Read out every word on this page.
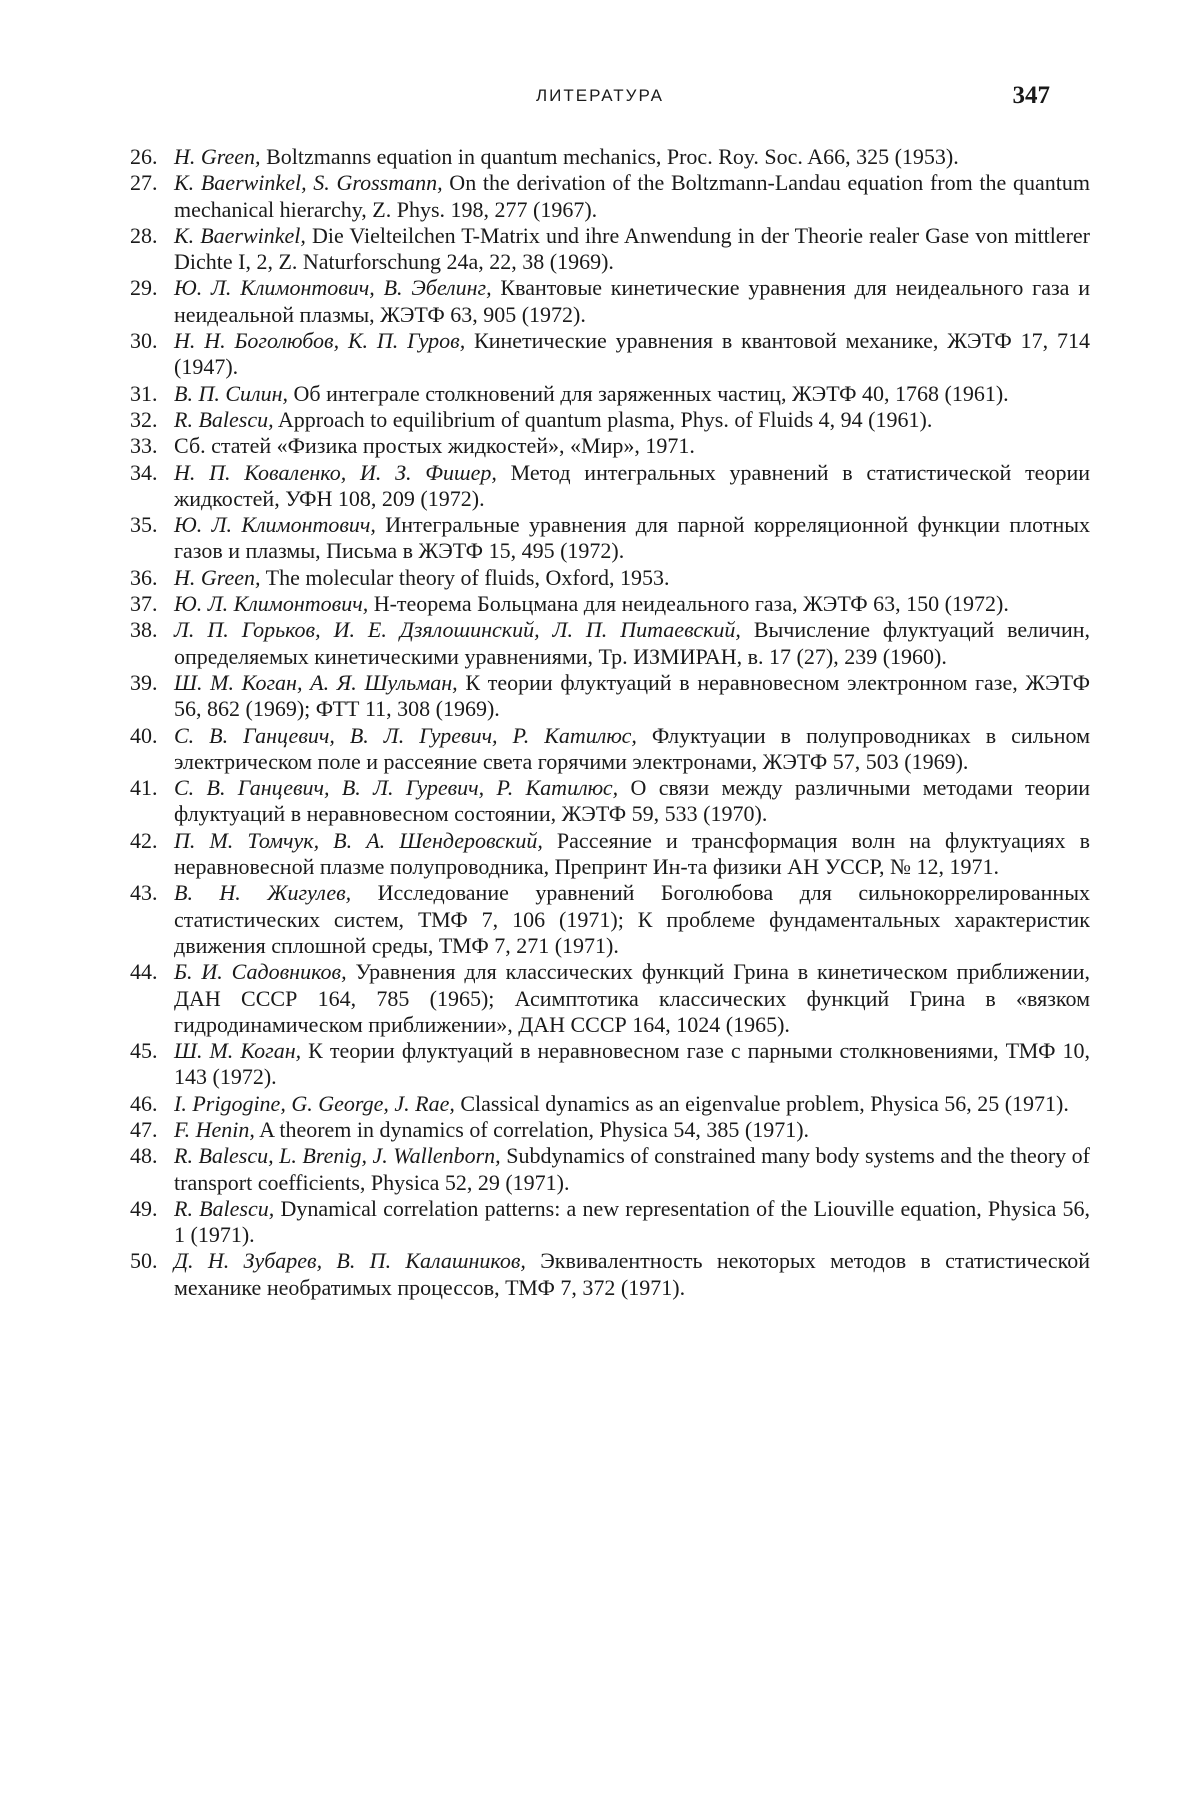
ЛИТЕРАТУРА	347
26. H. Green, Boltzmanns equation in quantum mechanics, Proc. Roy. Soc. A66, 325 (1953).
27. K. Baerwinkel, S. Grossmann, On the derivation of the Boltzmann-Landau equation from the quantum mechanical hierarchy, Z. Phys. 198, 277 (1967).
28. K. Baerwinkel, Die Vielteilchen T-Matrix und ihre Anwendung in der Theorie realer Gase von mittlerer Dichte I, 2, Z. Naturforschung 24a, 22, 38 (1969).
29. Ю. Л. Климонтович, В. Эбелинг, Квантовые кинетические уравнения для неидеального газа и неидеальной плазмы, ЖЭТФ 63, 905 (1972).
30. Н. Н. Боголюбов, К. П. Гуров, Кинетические уравнения в квантовой механике, ЖЭТФ 17, 714 (1947).
31. В. П. Силин, Об интеграле столкновений для заряженных частиц, ЖЭТФ 40, 1768 (1961).
32. R. Balescu, Approach to equilibrium of quantum plasma, Phys. of Fluids 4, 94 (1961).
33. Сб. статей «Физика простых жидкостей», «Мир», 1971.
34. Н. П. Коваленко, И. З. Фишер, Метод интегральных уравнений в статистической теории жидкостей, УФН 108, 209 (1972).
35. Ю. Л. Климонтович, Интегральные уравнения для парной корреляционной функции плотных газов и плазмы, Письма в ЖЭТФ 15, 495 (1972).
36. H. Green, The molecular theory of fluids, Oxford, 1953.
37. Ю. Л. Климонтович, Н-теорема Больцмана для неидеального газа, ЖЭТФ 63, 150 (1972).
38. Л. П. Горьков, И. Е. Дзялошинский, Л. П. Питаевский, Вычисление флуктуаций величин, определяемых кинетическими уравнениями, Тр. ИЗМИРАН, в. 17 (27), 239 (1960).
39. Ш. М. Коган, А. Я. Шульман, К теории флуктуаций в неравновесном электронном газе, ЖЭТФ 56, 862 (1969); ФТТ 11, 308 (1969).
40. С. В. Ганцевич, В. Л. Гуревич, Р. Катилюс, Флуктуации в полупроводниках в сильном электрическом поле и рассеяние света горячими электронами, ЖЭТФ 57, 503 (1969).
41. С. В. Ганцевич, В. Л. Гуревич, Р. Катилюс, О связи между различными методами теории флуктуаций в неравновесном состоянии, ЖЭТФ 59, 533 (1970).
42. П. М. Томчук, В. А. Шендеровский, Рассеяние и трансформация волн на флуктуациях в неравновесной плазме полупроводника, Препринт Ин-та физики АН УССР, № 12, 1971.
43. В. Н. Жигулев, Исследование уравнений Боголюбова для сильнокоррелированных статистических систем, ТМФ 7, 106 (1971); К проблеме фундаментальных характеристик движения сплошной среды, ТМФ 7, 271 (1971).
44. Б. И. Садовников, Уравнения для классических функций Грина в кинетическом приближении, ДАН СССР 164, 785 (1965); Асимптотика классических функций Грина в «вязком гидродинамическом приближении», ДАН СССР 164, 1024 (1965).
45. Ш. М. Коган, К теории флуктуаций в неравновесном газе с парными столкновениями, ТМФ 10, 143 (1972).
46. I. Prigogine, G. George, J. Rae, Classical dynamics as an eigenvalue problem, Physica 56, 25 (1971).
47. F. Henin, A theorem in dynamics of correlation, Physica 54, 385 (1971).
48. R. Balescu, L. Brenig, J. Wallenborn, Subdynamics of constrained many body systems and the theory of transport coefficients, Physica 52, 29 (1971).
49. R. Balescu, Dynamical correlation patterns: a new representation of the Liouville equation, Physica 56, 1 (1971).
50. Д. Н. Зубарев, В. П. Калашников, Эквивалентность некоторых методов в статистической механике необратимых процессов, ТМФ 7, 372 (1971).
